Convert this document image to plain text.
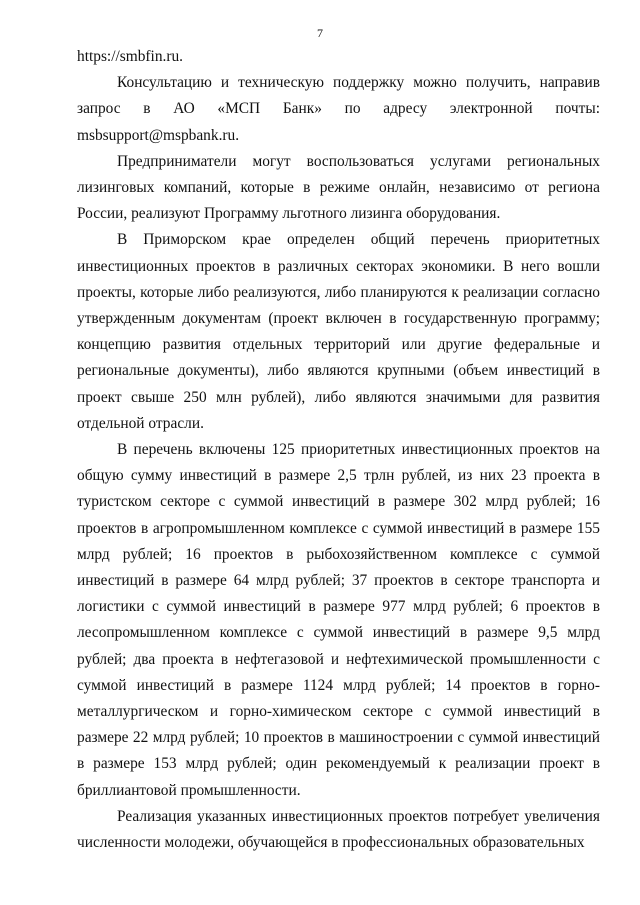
7

https://smbfin.ru.

Консультацию и техническую поддержку можно получить, направив запрос в АО «МСП Банк» по адресу электронной почты: msbsupport@mspbank.ru.

Предприниматели могут воспользоваться услугами региональных лизинговых компаний, которые в режиме онлайн, независимо от региона России, реализуют Программу льготного лизинга оборудования.

В Приморском крае определен общий перечень приоритетных инвестиционных проектов в различных секторах экономики. В него вошли проекты, которые либо реализуются, либо планируются к реализации согласно утвержденным документам (проект включен в государственную программу; концепцию развития отдельных территорий или другие федеральные и региональные документы), либо являются крупными (объем инвестиций в проект свыше 250 млн рублей), либо являются значимыми для развития отдельной отрасли.

В перечень включены 125 приоритетных инвестиционных проектов на общую сумму инвестиций в размере 2,5 трлн рублей, из них 23 проекта в туристском секторе с суммой инвестиций в размере 302 млрд рублей; 16 проектов в агропромышленном комплексе с суммой инвестиций в размере 155 млрд рублей; 16 проектов в рыбохозяйственном комплексе с суммой инвестиций в размере 64 млрд рублей; 37 проектов в секторе транспорта и логистики с суммой инвестиций в размере 977 млрд рублей; 6 проектов в лесопромышленном комплексе с суммой инвестиций в размере 9,5 млрд рублей; два проекта в нефтегазовой и нефтехимической промышленности с суммой инвестиций в размере 1124 млрд рублей; 14 проектов в горно-металлургическом и горно-химическом секторе с суммой инвестиций в размере 22 млрд рублей; 10 проектов в машиностроении с суммой инвестиций в размере 153 млрд рублей; один рекомендуемый к реализации проект в бриллиантовой промышленности.

Реализация указанных инвестиционных проектов потребует увеличения численности молодежи, обучающейся в профессиональных образовательных
